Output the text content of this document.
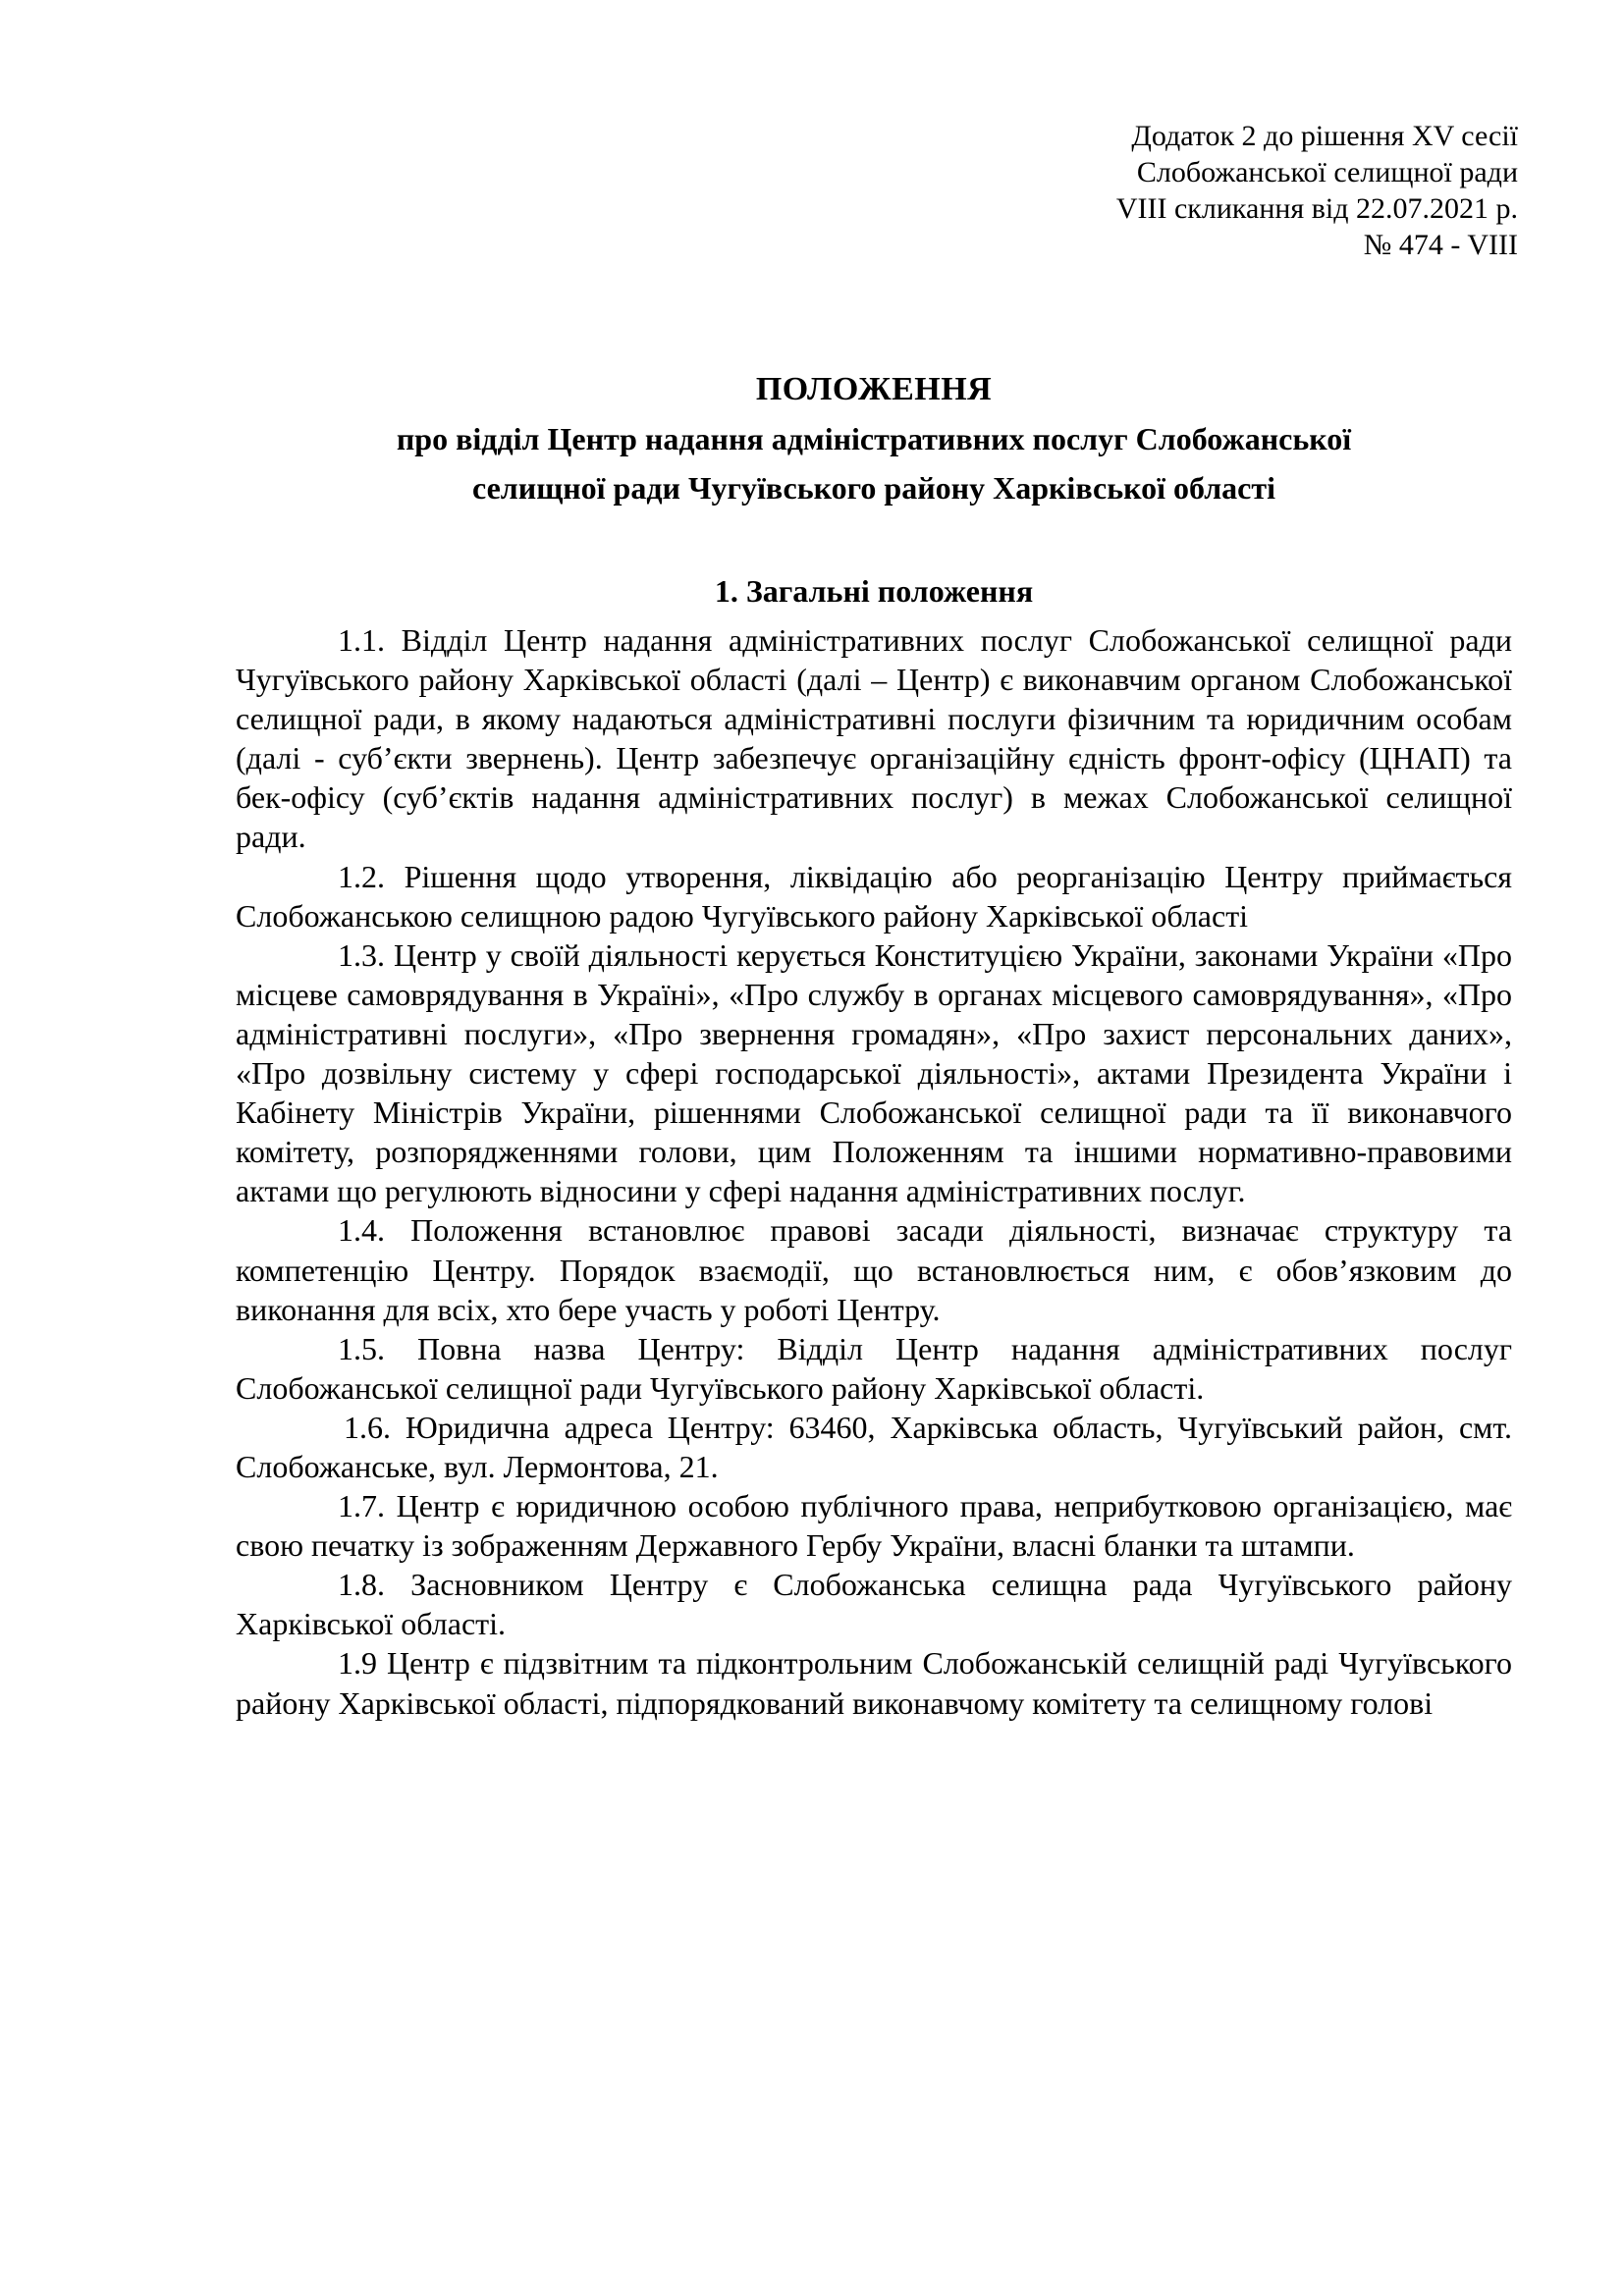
Додаток 2 до рішення XV сесії
Слобожанської селищної ради
VIII скликання від 22.07.2021 р.
№ 474 - VIII
ПОЛОЖЕННЯ
про відділ Центр надання адміністративних послуг Слобожанської
селищної ради Чугуївського району Харківської області
1. Загальні положення

1.1. Відділ Центр надання адміністративних послуг Слобожанської селищної ради Чугуївського району Харківської області (далі – Центр) є виконавчим органом Слобожанської селищної ради, в якому надаються адміністративні послуги фізичним та юридичним особам (далі - суб’єкти звернень). Центр забезпечує організаційну єдність фронт-офісу (ЦНАП) та бек-офісу (суб’єктів надання адміністративних послуг) в межах Слобожанської селищної ради.

1.2. Рішення щодо утворення, ліквідацію або реорганізацію Центру приймається Слобожанською селищною радою Чугуївського району Харківської області

1.3. Центр у своїй діяльності керується Конституцією України, законами України «Про місцеве самоврядування в Україні», «Про службу в органах місцевого самоврядування», «Про адміністративні послуги», «Про звернення громадян», «Про захист персональних даних», «Про дозвільну систему у сфері господарської діяльності», актами Президента України і Кабінету Міністрів України, рішеннями Слобожанської селищної ради та її виконавчого комітету, розпорядженнями голови, цим Положенням та іншими нормативно-правовими актами що регулюють відносини у сфері надання адміністративних послуг.

1.4. Положення встановлює правові засади діяльності, визначає структуру та компетенцію Центру. Порядок взаємодії, що встановлюється ним, є обов’язковим до виконання для всіх, хто бере участь у роботі Центру.

1.5. Повна назва Центру: Відділ Центр надання адміністративних послуг Слобожанської селищної ради Чугуївського району Харківської області.

1.6. Юридична адреса Центру: 63460, Харківська область, Чугуївський район, смт. Слобожанське, вул. Лермонтова, 21.

1.7. Центр є юридичною особою публічного права, неприбутковою організацією, має свою печатку із зображенням Державного Гербу України, власні бланки та штампи.

1.8. Засновником Центру є Слобожанська селищна рада Чугуївського району Харківської області.

1.9 Центр є підзвітним та підконтрольним Слобожанській селищній раді Чугуївського району Харківської області, підпорядкований виконавчому комітету та селищному голові
